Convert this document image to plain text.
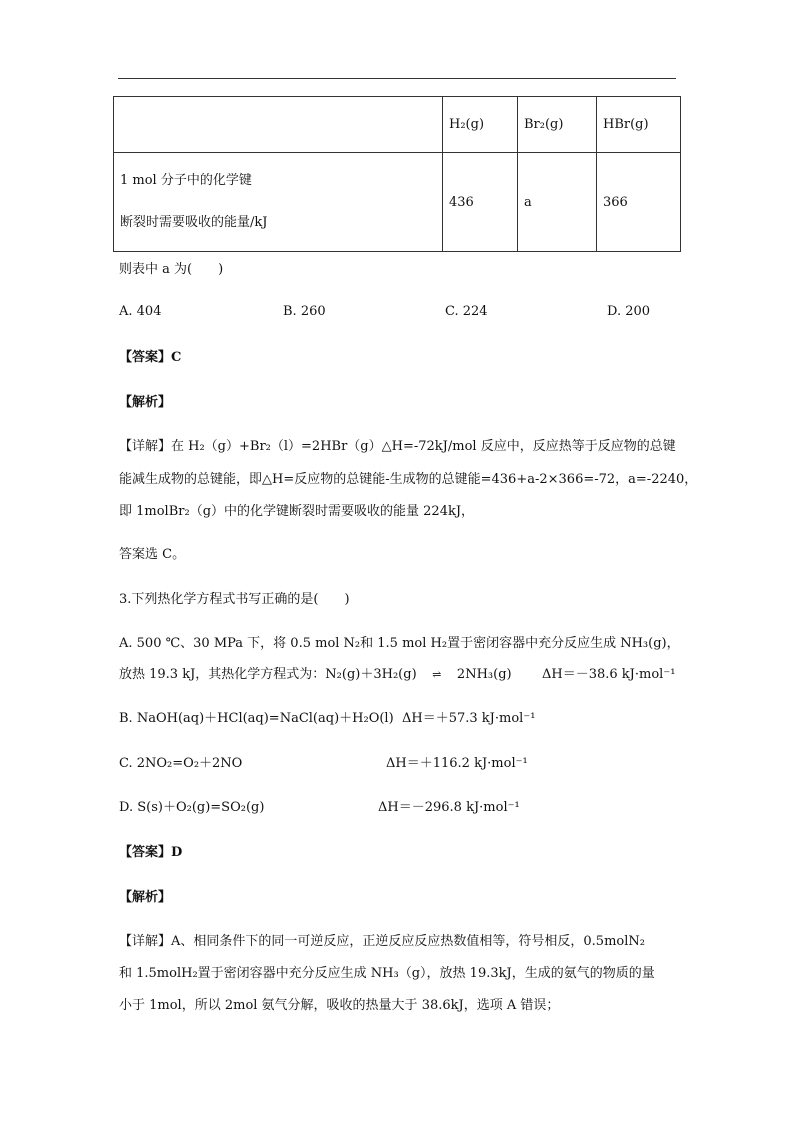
	H₂(g)	Br₂(g)	HBr(g)

1 mol 分子中的化学键
断裂时需要吸收的能量/kJ	436	a	366
则表中 a 为(　　)
A. 404	B. 260	C. 224	D. 200
【答案】C
【解析】
【详解】在 H₂（g）+Br₂（l）=2HBr（g）△H=-72kJ/mol 反应中，反应热等于反应物的总键
能减生成物的总键能，即△H=反应物的总键能-生成物的总键能=436+a-2×366=-72，a=-2240，
即 1molBr₂（g）中的化学键断裂时需要吸收的能量 224kJ，
答案选 C。
3.下列热化学方程式书写正确的是(　　)
A. 500 ℃、30 MPa 下，将 0.5 mol N₂和 1.5 mol H₂置于密闭容器中充分反应生成 NH₃(g)，
放热 19.3 kJ，其热化学方程式为：N₂(g)＋3H₂(g) ⇌ 2NH₃(g) ΔH＝－38.6 kJ·mol⁻¹
B. NaOH(aq)＋HCl(aq)=NaCl(aq)＋H₂O(l) ΔH＝＋57.3 kJ·mol⁻¹
C. 2NO₂=O₂＋2NO	ΔH＝＋116.2 kJ·mol⁻¹
D. S(s)＋O₂(g)=SO₂(g)	ΔH＝－296.8 kJ·mol⁻¹
【答案】D
【解析】
【详解】A、相同条件下的同一可逆反应，正逆反应反应热数值相等，符号相反，0.5molN₂
和 1.5molH₂置于密闭容器中充分反应生成 NH₃（g），放热 19.3kJ，生成的氨气的物质的量
小于 1mol，所以 2mol 氨气分解，吸收的热量大于 38.6kJ，选项 A 错误；
